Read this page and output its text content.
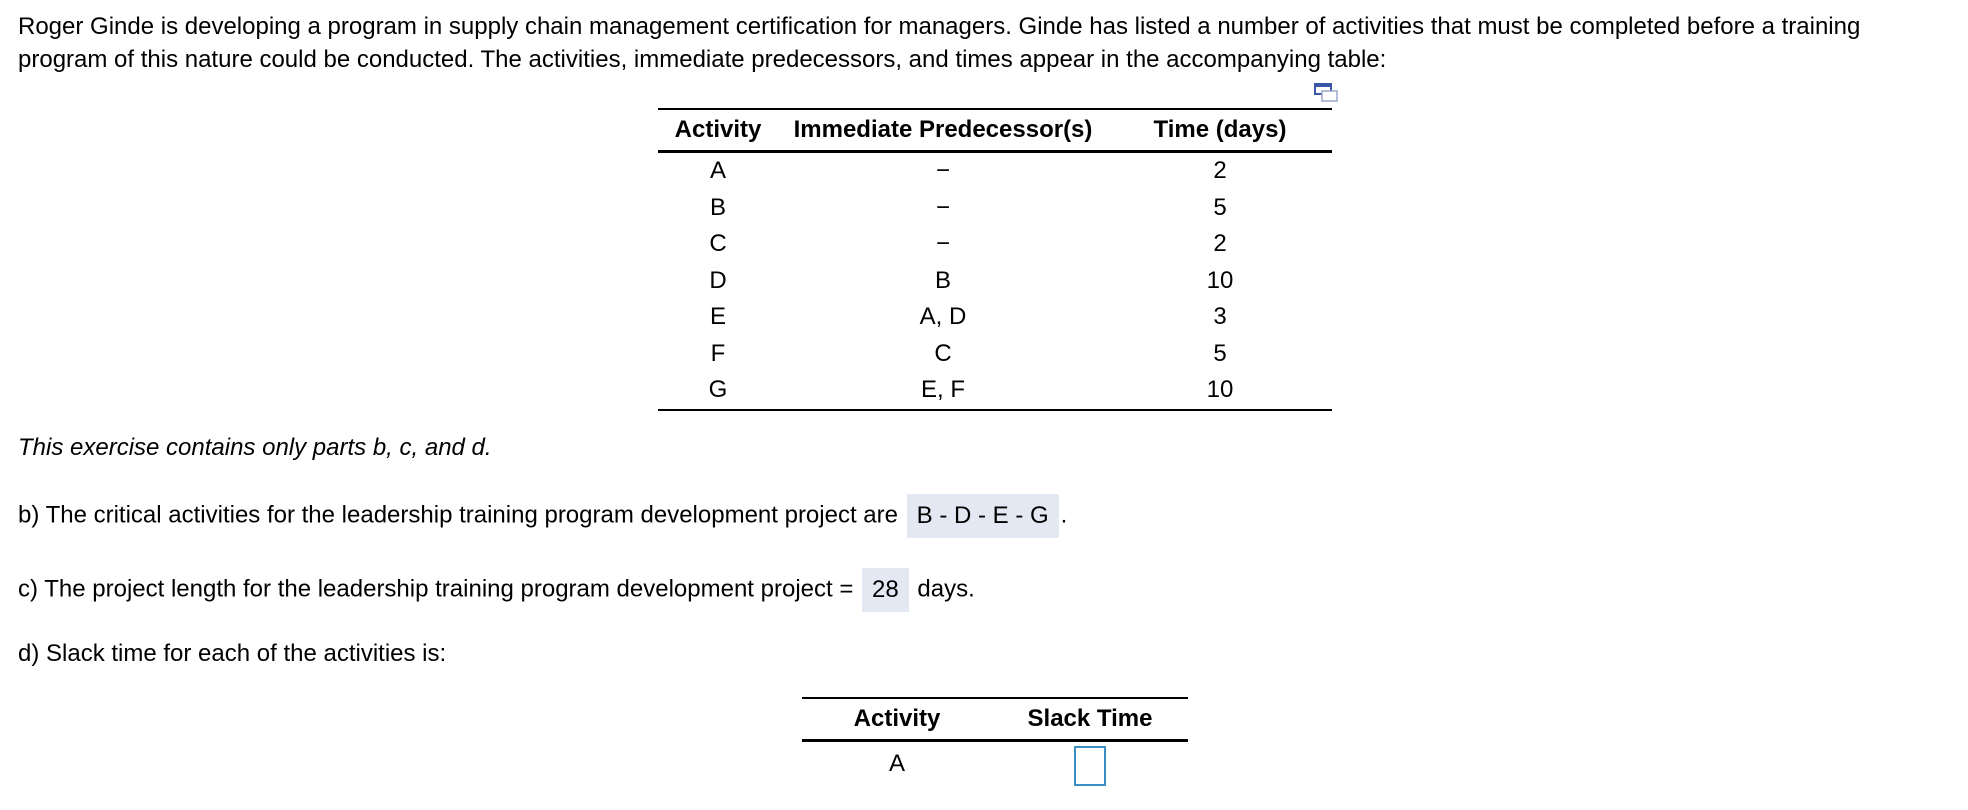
Roger Ginde is developing a program in supply chain management certification for managers. Ginde has listed a number of activities that must be completed before a training program of this nature could be conducted. The activities, immediate predecessors, and times appear in the accompanying table:

Activity	Immediate Predecessor(s)	Time (days)
A	−	2
B	−	5
C	−	2
D	B	10
E	A, D	3
F	C	5
G	E, F	10

This exercise contains only parts b, c, and d.

b) The critical activities for the leadership training program development project are B - D - E - G .

c) The project length for the leadership training program development project = 28 days.

d) Slack time for each of the activities is:

Activity	Slack Time
A	
